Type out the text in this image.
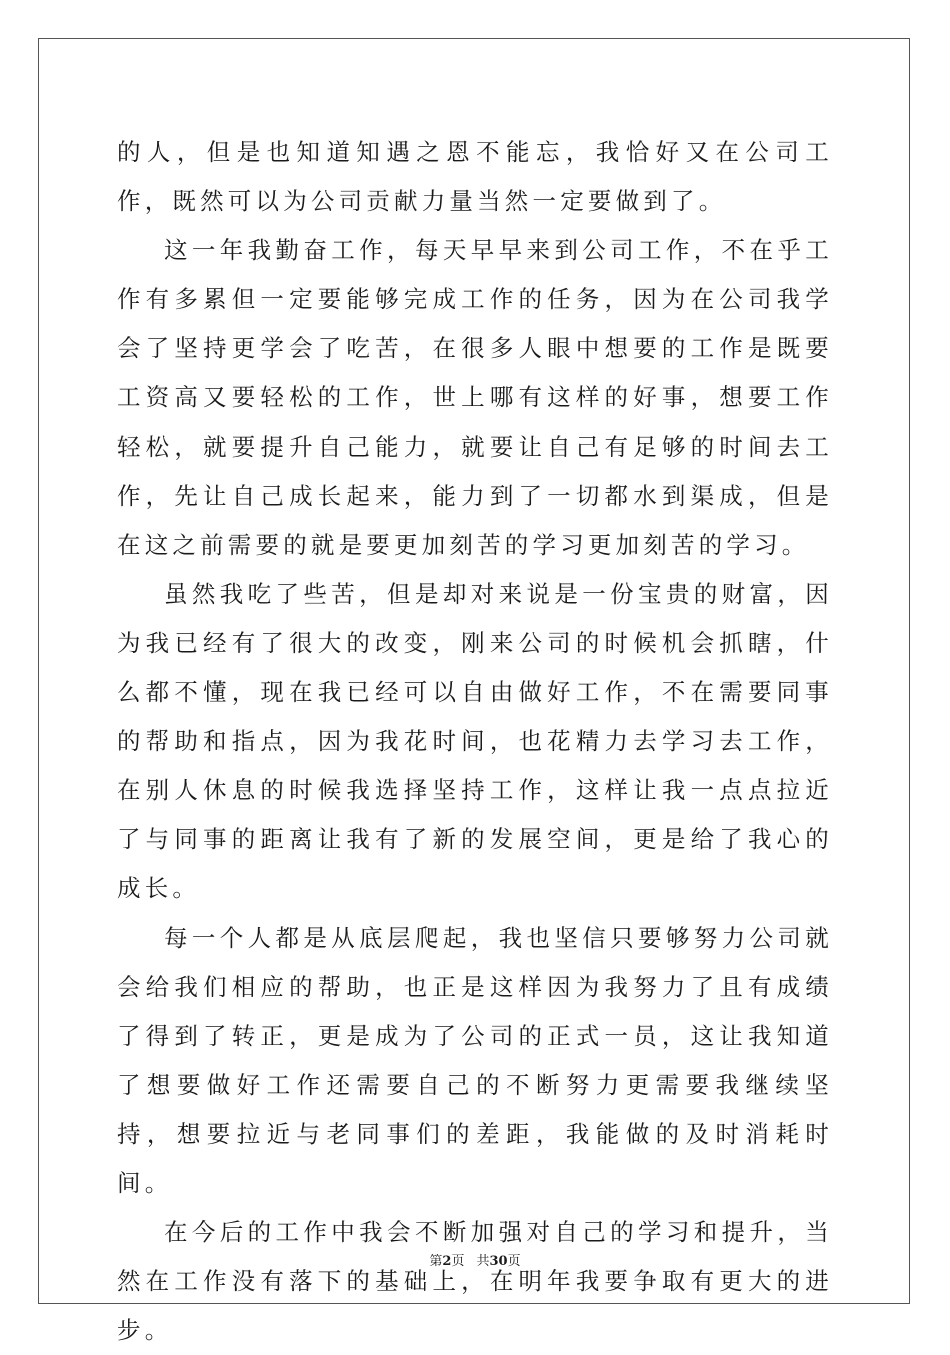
的人，但是也知道知遇之恩不能忘，我恰好又在公司工作，既然可以为公司贡献力量当然一定要做到了。

这一年我勤奋工作，每天早早来到公司工作，不在乎工作有多累但一定要能够完成工作的任务，因为在公司我学会了坚持更学会了吃苦，在很多人眼中想要的工作是既要工资高又要轻松的工作，世上哪有这样的好事，想要工作轻松，就要提升自己能力，就要让自己有足够的时间去工作，先让自己成长起来，能力到了一切都水到渠成，但是在这之前需要的就是要更加刻苦的学习更加刻苦的学习。

虽然我吃了些苦，但是却对来说是一份宝贵的财富，因为我已经有了很大的改变，刚来公司的时候机会抓瞎，什么都不懂，现在我已经可以自由做好工作，不在需要同事的帮助和指点，因为我花时间，也花精力去学习去工作，在别人休息的时候我选择坚持工作，这样让我一点点拉近了与同事的距离让我有了新的发展空间，更是给了我心的成长。

每一个人都是从底层爬起，我也坚信只要够努力公司就会给我们相应的帮助，也正是这样因为我努力了且有成绩了得到了转正，更是成为了公司的正式一员，这让我知道了想要做好工作还需要自己的不断努力更需要我继续坚持，想要拉近与老同事们的差距，我能做的及时消耗时间。

在今后的工作中我会不断加强对自己的学习和提升，当然在工作没有落下的基础上，在明年我要争取有更大的进步。

第2页 共30页
